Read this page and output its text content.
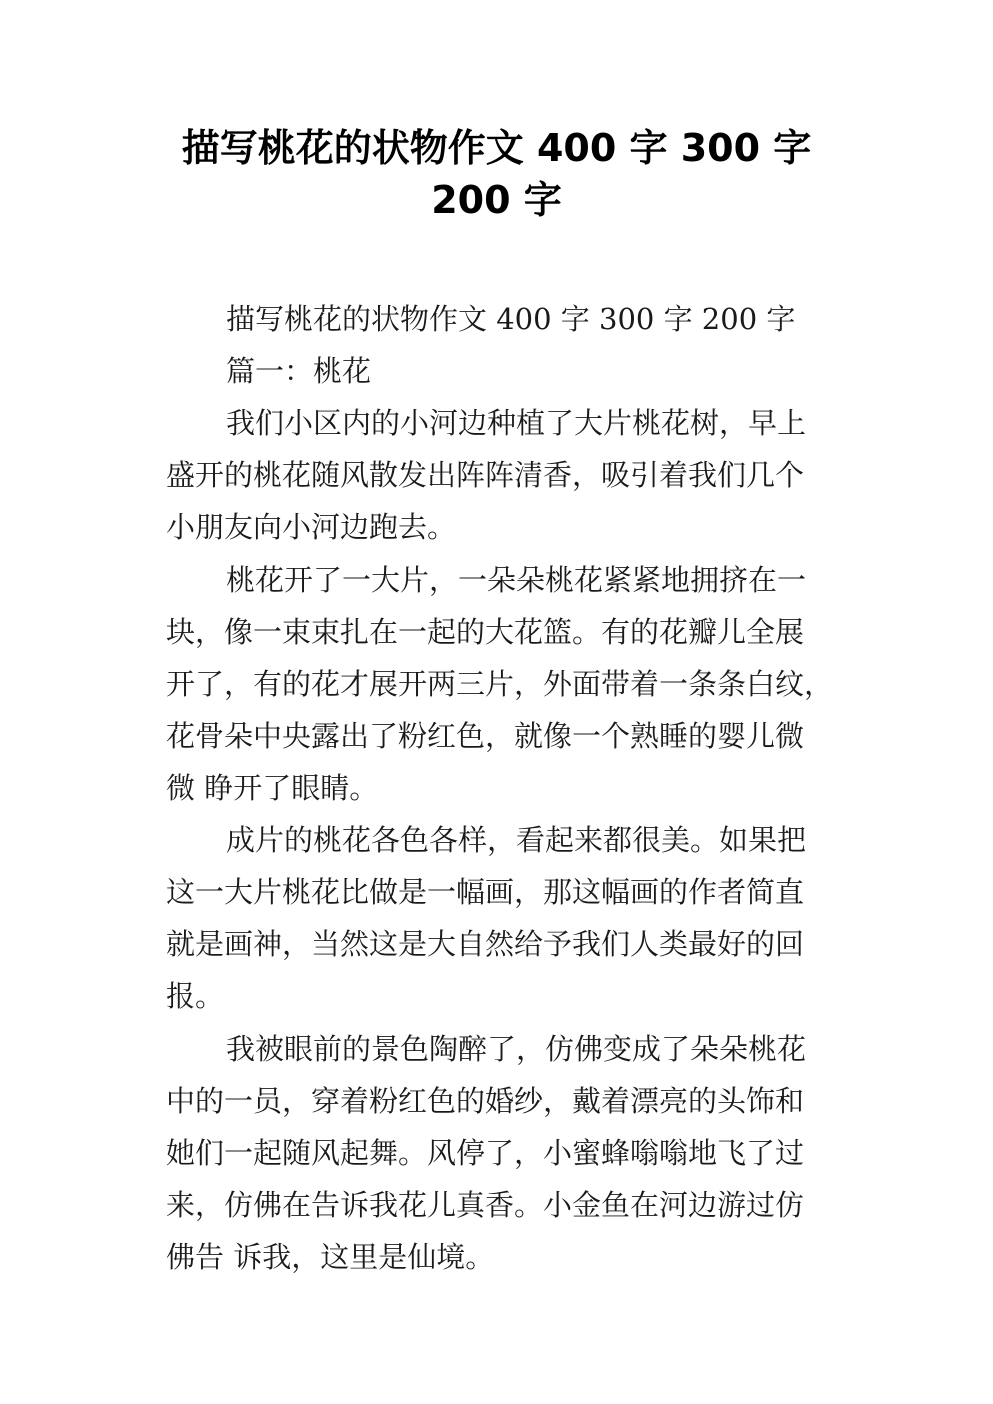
描写桃花的状物作文 400 字 300 字
200 字
描写桃花的状物作文 400 字 300 字 200 字
篇一：桃花
我们小区内的小河边种植了大片桃花树，早上
盛开的桃花随风散发出阵阵清香，吸引着我们几个
小朋友向小河边跑去。
桃花开了一大片，一朵朵桃花紧紧地拥挤在一
块，像一束束扎在一起的大花篮。有的花瓣儿全展
开了，有的花才展开两三片，外面带着一条条白纹，
花骨朵中央露出了粉红色，就像一个熟睡的婴儿微
微 睁开了眼睛。
成片的桃花各色各样，看起来都很美。如果把
这一大片桃花比做是一幅画，那这幅画的作者简直
就是画神，当然这是大自然给予我们人类最好的回
报。
我被眼前的景色陶醉了，仿佛变成了朵朵桃花
中的一员，穿着粉红色的婚纱，戴着漂亮的头饰和
她们一起随风起舞。风停了，小蜜蜂嗡嗡地飞了过
来，仿佛在告诉我花儿真香。小金鱼在河边游过仿
佛告 诉我，这里是仙境。
